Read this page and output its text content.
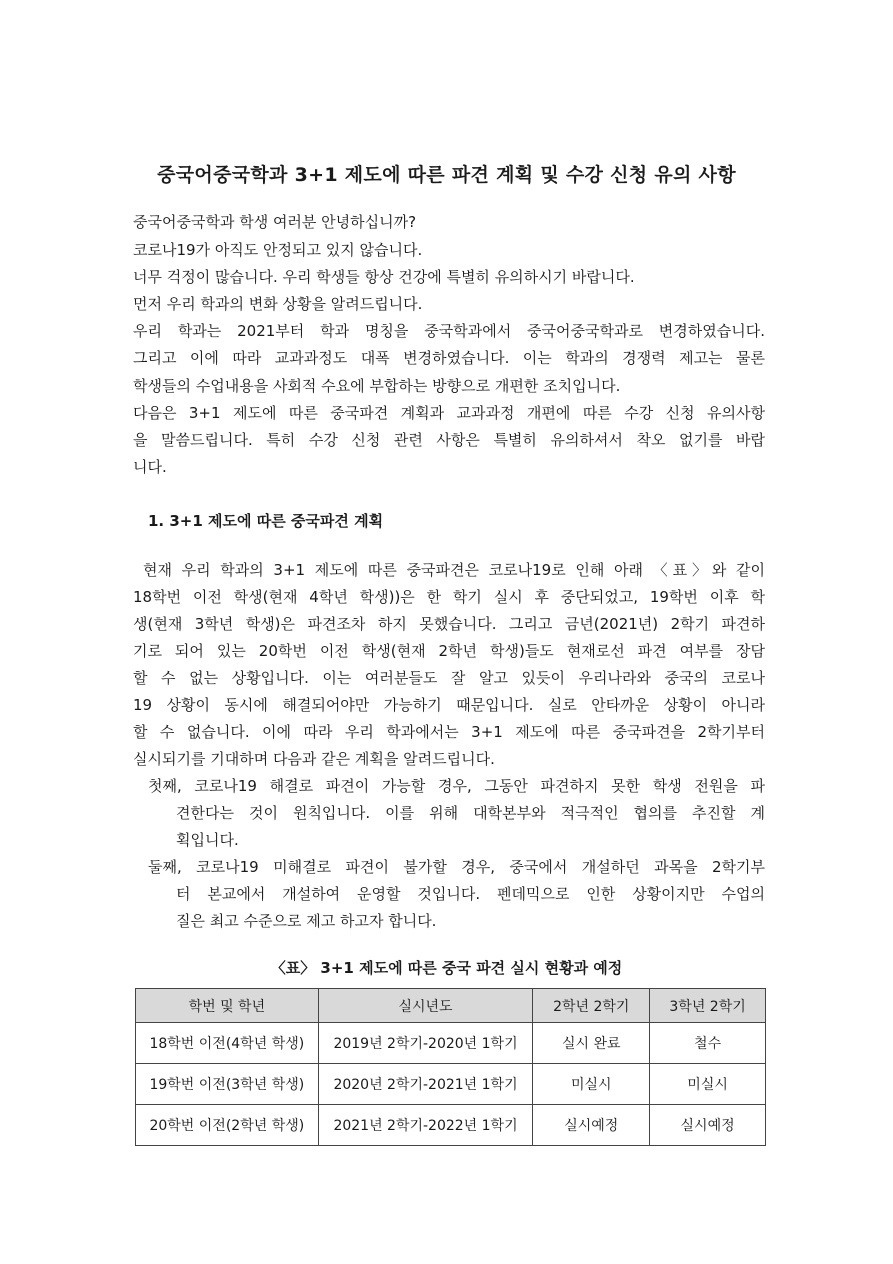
중국어중국학과 3+1 제도에 따른 파견 계획 및 수강 신청 유의 사항
중국어중국학과 학생 여러분 안녕하십니까?
코로나19가 아직도 안정되고 있지 않습니다.
너무 걱정이 많습니다. 우리 학생들 항상 건강에 특별히 유의하시기 바랍니다.
먼저 우리 학과의 변화 상황을 알려드립니다.
우리 학과는 2021부터 학과 명칭을 중국학과에서 중국어중국학과로 변경하였습니다.
그리고 이에 따라 교과과정도 대폭 변경하였습니다. 이는 학과의 경쟁력 제고는 물론
학생들의 수업내용을 사회적 수요에 부합하는 방향으로 개편한 조치입니다.
다음은 3+1 제도에 따른 중국파견 계획과 교과과정 개편에 따른 수강 신청 유의사항
을 말씀드립니다. 특히 수강 신청 관련 사항은 특별히 유의하셔서 착오 없기를 바랍
니다.
1. 3+1 제도에 따른 중국파견 계획
현재 우리 학과의 3+1 제도에 따른 중국파견은 코로나19로 인해 아래 〈표〉와 같이
18학번 이전 학생(현재 4학년 학생))은 한 학기 실시 후 중단되었고, 19학번 이후 학
생(현재 3학년 학생)은 파견조차 하지 못했습니다. 그리고 금년(2021년) 2학기 파견하
기로 되어 있는 20학번 이전 학생(현재 2학년 학생)들도 현재로선 파견 여부를 장담
할 수 없는 상황입니다. 이는 여러분들도 잘 알고 있듯이 우리나라와 중국의 코로나
19 상황이 동시에 해결되어야만 가능하기 때문입니다. 실로 안타까운 상황이 아니라
할 수 없습니다. 이에 따라 우리 학과에서는 3+1 제도에 따른 중국파견을 2학기부터
실시되기를 기대하며 다음과 같은 계획을 알려드립니다.
첫째, 코로나19 해결로 파견이 가능할 경우, 그동안 파견하지 못한 학생 전원을 파
견한다는 것이 원칙입니다. 이를 위해 대학본부와 적극적인 협의를 추진할 계
획입니다.
둘째, 코로나19 미해결로 파견이 불가할 경우, 중국에서 개설하던 과목을 2학기부
터 본교에서 개설하여 운영할 것입니다. 펜데믹으로 인한 상황이지만 수업의
질은 최고 수준으로 제고 하고자 합니다.
〈표〉 3+1 제도에 따른 중국 파견 실시 현황과 예정
학번 및 학년	실시년도	2학년 2학기	3학년 2학기
18학번 이전(4학년 학생)	2019년 2학기-2020년 1학기	실시 완료	철수
19학번 이전(3학년 학생)	2020년 2학기-2021년 1학기	미실시	미실시
20학번 이전(2학년 학생)	2021년 2학기-2022년 1학기	실시예정	실시예정
